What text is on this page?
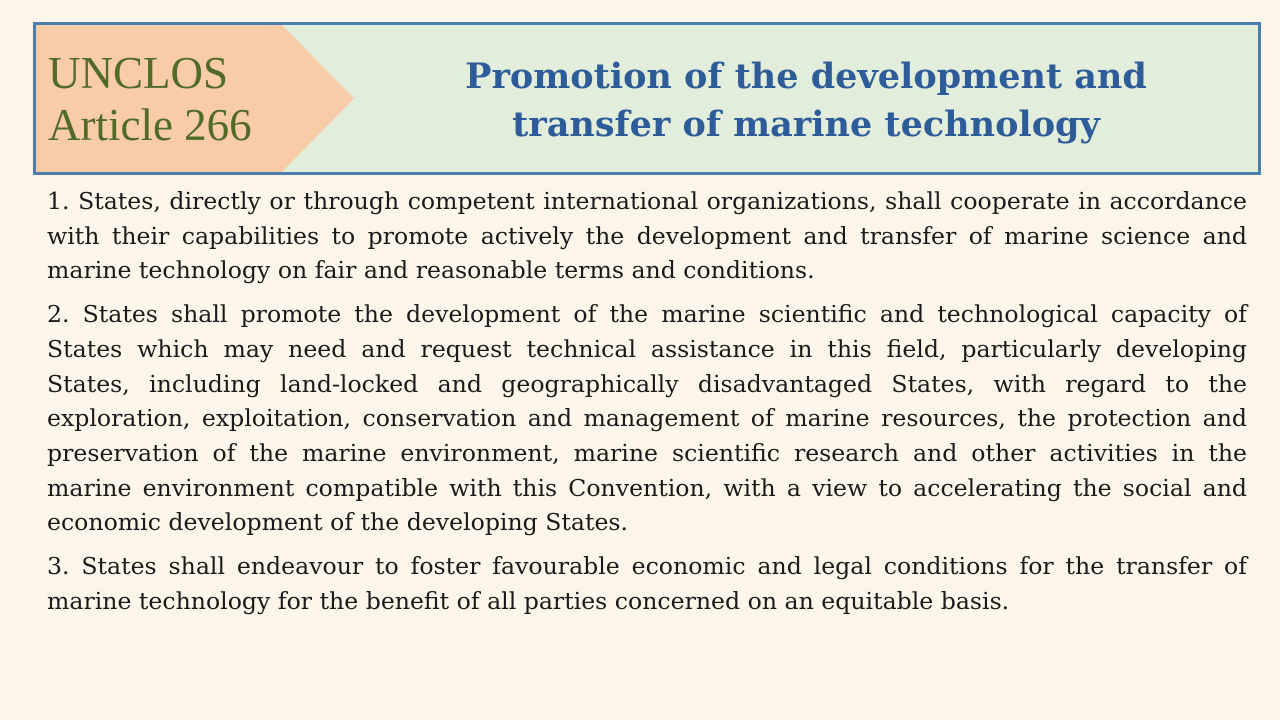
UNCLOS
Article 266
Promotion of the development and
transfer of marine technology

1. States, directly or through competent international organizations, shall cooperate in accordance with their capabilities to promote actively the development and transfer of marine science and marine technology on fair and reasonable terms and conditions.

2. States shall promote the development of the marine scientific and technological capacity of States which may need and request technical assistance in this field, particularly developing States, including land-locked and geographically disadvantaged States, with regard to the exploration, exploitation, conservation and management of marine resources, the protection and preservation of the marine environment, marine scientific research and other activities in the marine environment compatible with this Convention, with a view to accelerating the social and economic development of the developing States.

3. States shall endeavour to foster favourable economic and legal conditions for the transfer of marine technology for the benefit of all parties concerned on an equitable basis.
